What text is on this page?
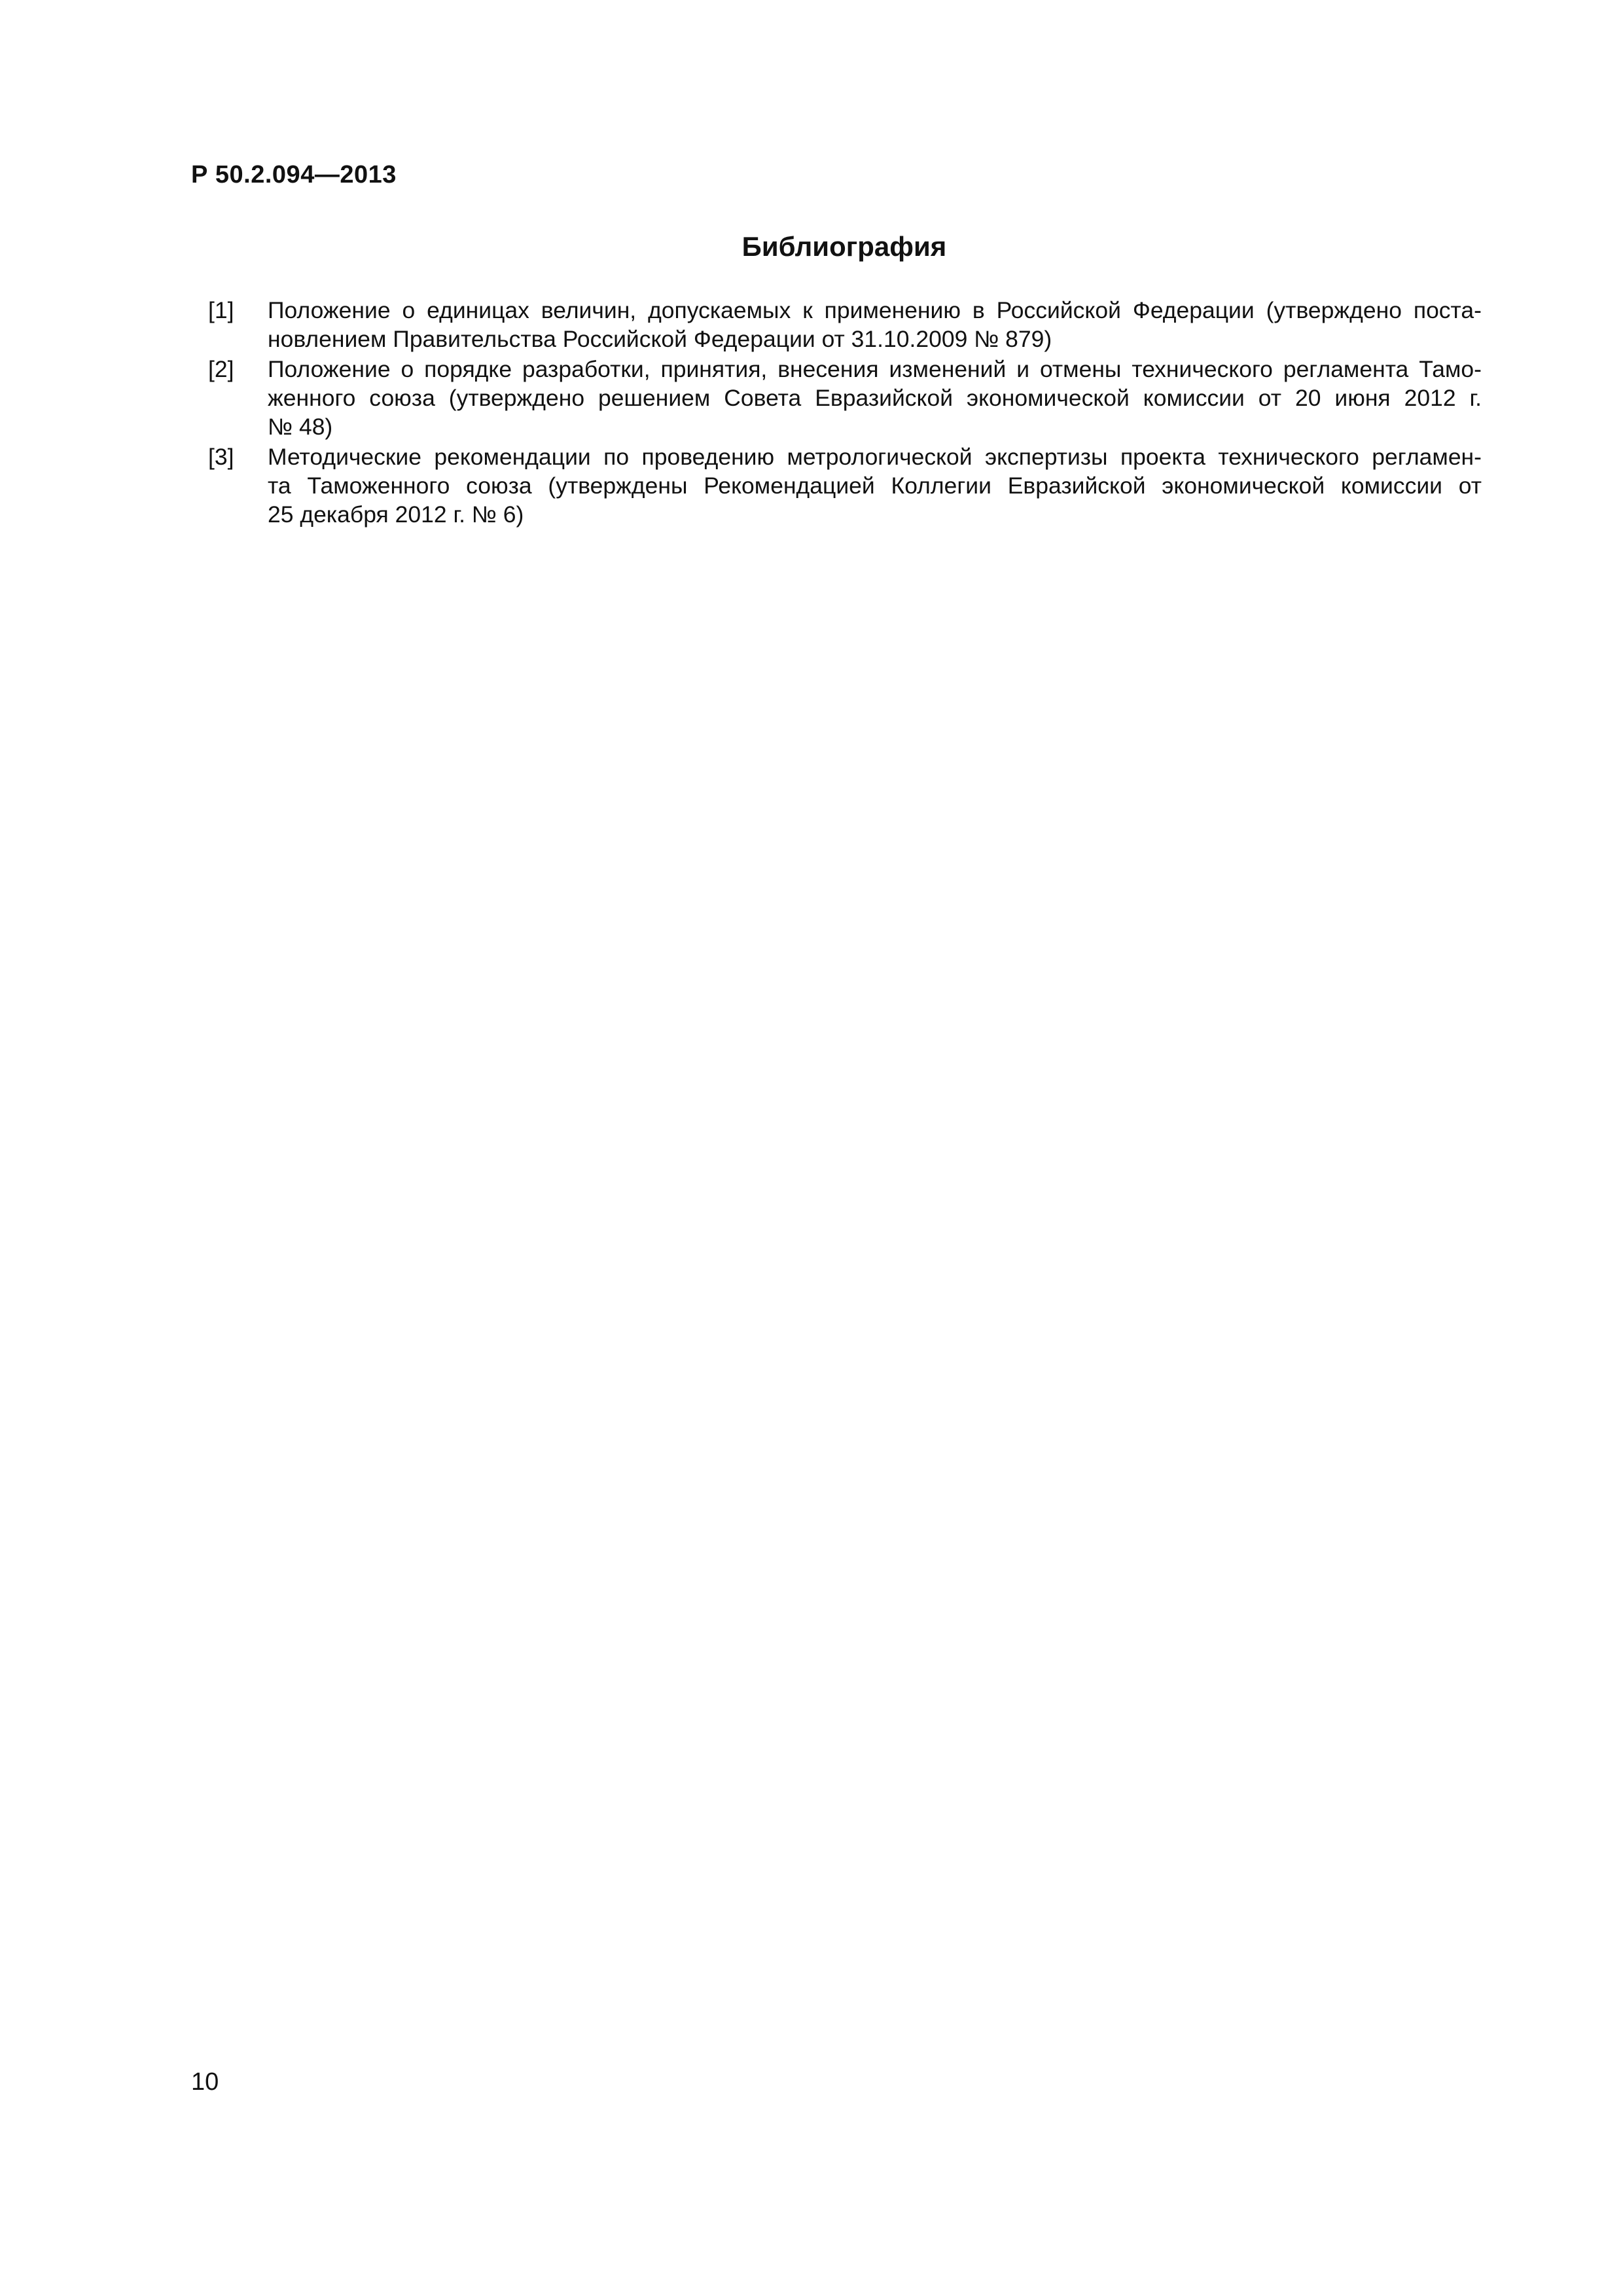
Р 50.2.094—2013
Библиография
[1] Положение о единицах величин, допускаемых к применению в Российской Федерации (утверждено поста-
новлением Правительства Российской Федерации от 31.10.2009 № 879)
[2] Положение о порядке разработки, принятия, внесения изменений и отмены технического регламента Тамо-
женного союза (утверждено решением Совета Евразийской экономической комиссии от 20 июня 2012 г.
№ 48)
[3] Методические рекомендации по проведению метрологической экспертизы проекта технического регламен-
та Таможенного союза (утверждены Рекомендацией Коллегии Евразийской экономической комиссии от
25 декабря 2012 г. № 6)
10
